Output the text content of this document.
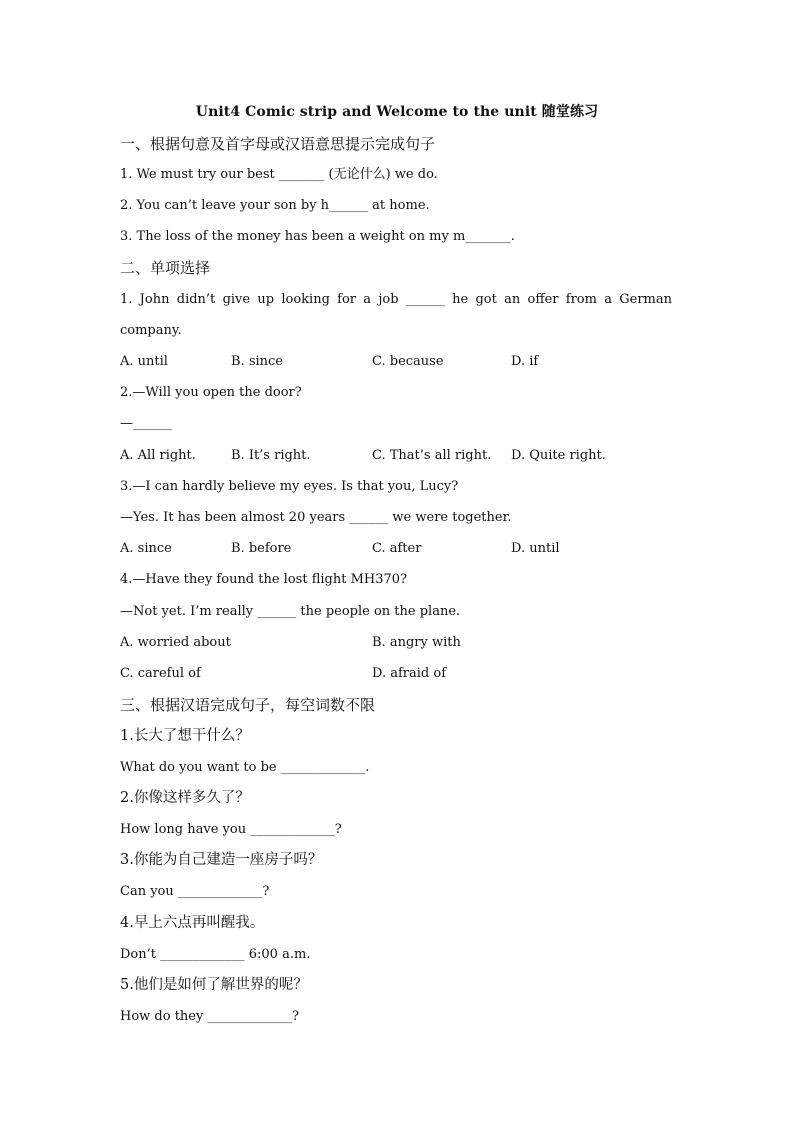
Unit4 Comic strip and Welcome to the unit 随堂练习
一、根据句意及首字母或汉语意思提示完成句子
1. We must try our best _______ (无论什么) we do.
2. You can’t leave your son by h______ at home.
3. The loss of the money has been a weight on my m_______.
二、单项选择
1. John didn’t give up looking for a job ______ he got an offer from a German
company.
A. until	B. since	C. because	D. if
2.—Will you open the door?
—______
A. All right.	B. It’s right.	C. That’s all right. D. Quite right.
3.—I can hardly believe my eyes. Is that you, Lucy?
—Yes. It has been almost 20 years ______ we were together.
A. since	B. before	C. after	D. until
4.—Have they found the lost flight MH370?
—Not yet. I’m really ______ the people on the plane.
A. worried about	B. angry with
C. careful of	D. afraid of
三、根据汉语完成句子，每空词数不限
1.长大了想干什么？
What do you want to be _____________.
2.你像这样多久了？
How long have you _____________?
3.你能为自己建造一座房子吗？
Can you _____________?
4.早上六点再叫醒我。
Don’t _____________ 6:00 a.m.
5.他们是如何了解世界的呢？
How do they _____________?
